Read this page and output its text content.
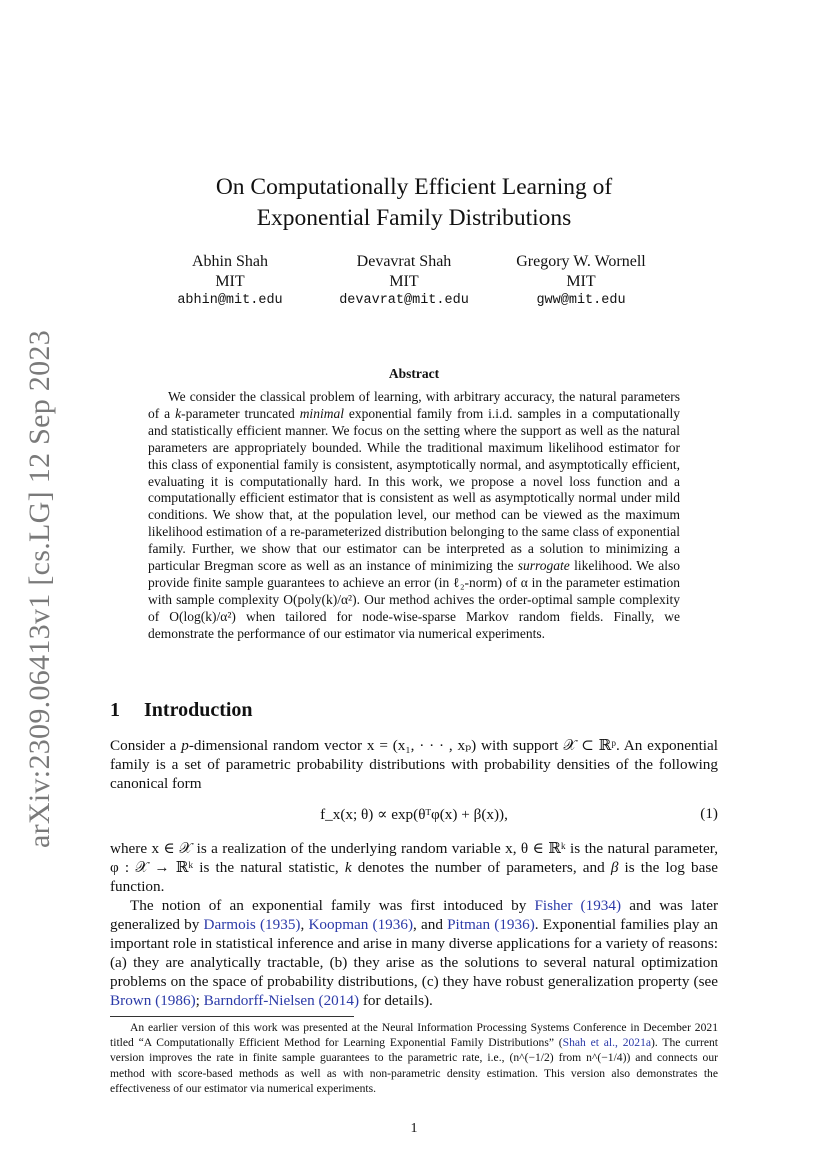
arXiv:2309.06413v1 [cs.LG] 12 Sep 2023
On Computationally Efficient Learning of
Exponential Family Distributions
Abhin Shah
MIT
abhin@mit.edu
Devavrat Shah
MIT
devavrat@mit.edu
Gregory W. Wornell
MIT
gww@mit.edu
Abstract

We consider the classical problem of learning, with arbitrary accuracy, the natural parameters of a k-parameter truncated minimal exponential family from i.i.d. samples in a computationally and statistically efficient manner. We focus on the setting where the support as well as the natural parameters are appropriately bounded. While the traditional maximum likelihood estimator for this class of exponential family is consistent, asymptotically normal, and asymptotically efficient, evaluating it is computationally hard. In this work, we propose a novel loss function and a computationally efficient estimator that is consistent as well as asymptotically normal under mild conditions. We show that, at the population level, our method can be viewed as the maximum likelihood estimation of a re-parameterized distribution belonging to the same class of exponential family. Further, we show that our estimator can be interpreted as a solution to minimizing a particular Bregman score as well as an instance of minimizing the surrogate likelihood. We also provide finite sample guarantees to achieve an error (in ℓ₂-norm) of α in the parameter estimation with sample complexity O(poly(k)/α²). Our method achives the order-optimal sample complexity of O(log(k)/α²) when tailored for node-wise-sparse Markov random fields. Finally, we demonstrate the performance of our estimator via numerical experiments.

1 Introduction

Consider a p-dimensional random vector x = (x₁, · · · , xₚ) with support 𝒳 ⊂ ℝᵖ. An exponential family is a set of parametric probability distributions with probability densities of the following canonical form

f_x(x; θ) ∝ exp(θᵀφ(x) + β(x)),	(1)

where x ∈ 𝒳 is a realization of the underlying random variable x, θ ∈ ℝᵏ is the natural parameter, φ : 𝒳 → ℝᵏ is the natural statistic, k denotes the number of parameters, and β is the log base function.

The notion of an exponential family was first intoduced by Fisher (1934) and was later generalized by Darmois (1935), Koopman (1936), and Pitman (1936). Exponential families play an important role in statistical inference and arise in many diverse applications for a variety of reasons: (a) they are analytically tractable, (b) they arise as the solutions to several natural optimization problems on the space of probability distributions, (c) they have robust generalization property (see Brown (1986); Barndorff-Nielsen (2014) for details).

An earlier version of this work was presented at the Neural Information Processing Systems Conference in December 2021 titled “A Computationally Efficient Method for Learning Exponential Family Distributions” (Shah et al., 2021a). The current version improves the rate in finite sample guarantees to the parametric rate, i.e., (n^(−1/2) from n^(−1/4)) and connects our method with score-based methods as well as with non-parametric density estimation. This version also demonstrates the effectiveness of our estimator via numerical experiments.

1
